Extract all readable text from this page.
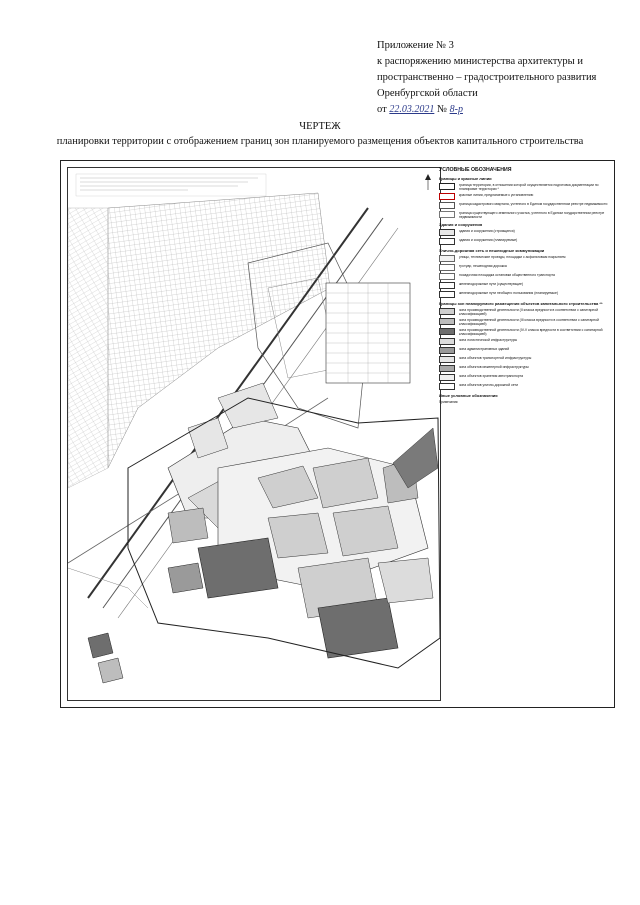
Приложение № 3
к распоряжению министерства архитектуры и
пространственно – градостроительного развития
Оренбургской области
от 22.03.2021 № 8-р
ЧЕРТЕЖ
планировки территории с отображением границ зон планируемого размещения объектов капитального строительства
УСЛОВНЫЕ ОБОЗНАЧЕНИЯ
Границы и красные линии
граница территории, в отношении которой осуществляется подготовка документации по планировке территории *
красные линии, предлагаемые к установлению
граница кадастрового квартала, учтенного в Едином государственном реестре недвижимости
граница существующего земельного участка, учтенного в Едином государственном реестре недвижимости
Здания и сооружения
здания и сооружения (строящиеся)
здания и сооружения (планируемые)
Улично-дорожная сеть и пешеходные коммуникации
улицы, технические проезды, площадки с асфальтовым покрытием
тротуар, пешеходная дорожка
посадочная площадка остановки общественного транспорта
железнодорожные пути (существующие)
железнодорожные пути необщего пользования (планируемые)
Границы зон планируемого размещения объектов капитального строительства **
зона производственной деятельности (II класса вредности в соответствии с санитарной классификацией)
зона производственной деятельности (III класса вредности в соответствии с санитарной классификацией)
зона производственной деятельности (IV-V класса вредности в соответствии с санитарной классификацией)
зона логистической инфраструктуры
зона административных зданий
зона объектов транспортной инфраструктуры
зона объектов инженерной инфраструктуры
зона объектов хранения автотранспорта
зона объектов улично-дорожной сети
Иные условные обозначения
Примечания:
